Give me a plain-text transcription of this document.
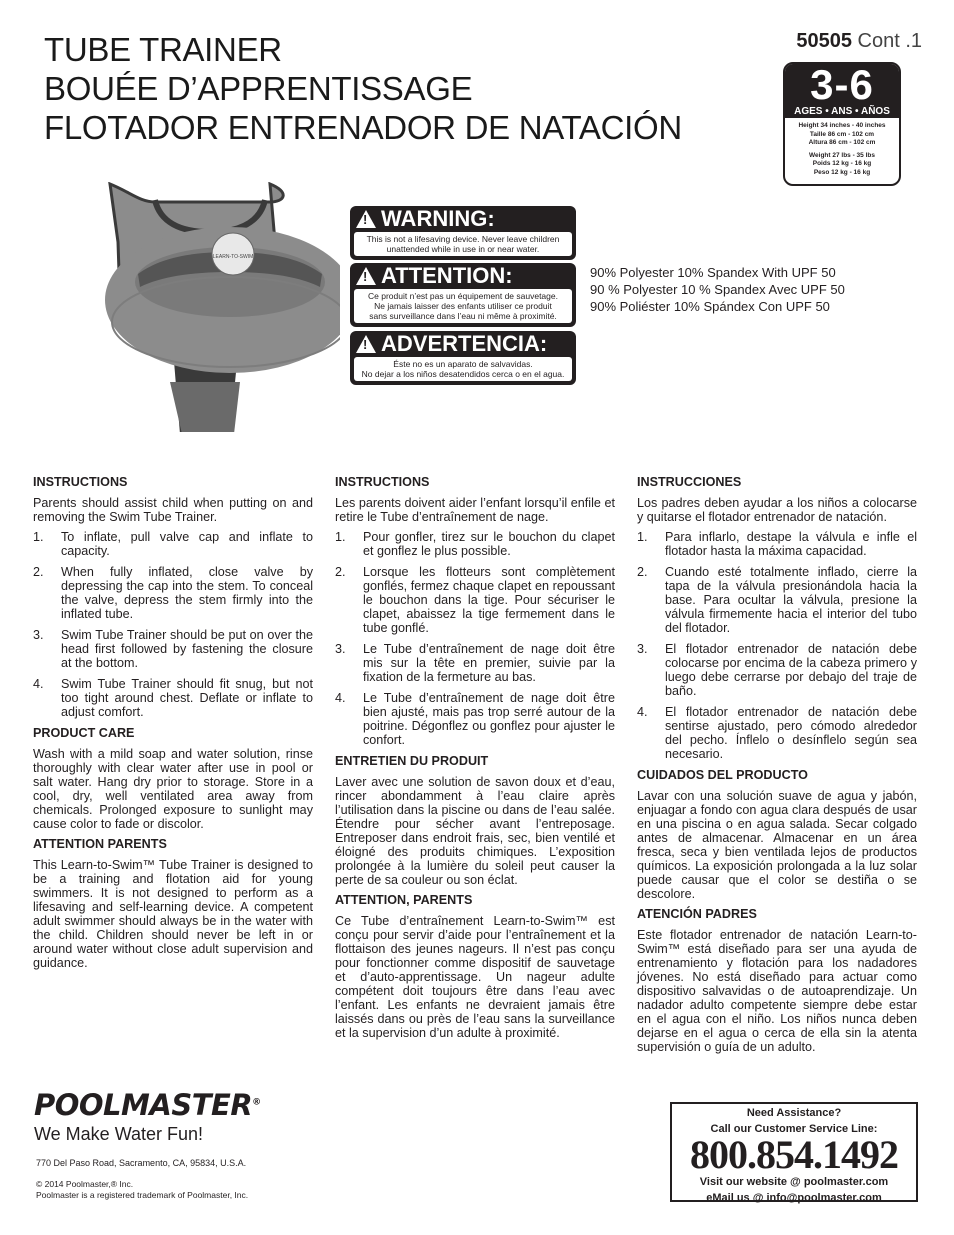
TUBE TRAINER
BOUÉE D’APPRENTISSAGE
FLOTADOR ENTRENADOR DE NATACIÓN
50505 Cont .1
3-6
AGES • ANS • AÑOS
Height 34 inches - 40 inches
Taille 86 cm - 102 cm
Altura 86 cm - 102 cm
Weight 27 lbs - 35 lbs
Poids 12 kg - 16 kg
Peso 12 kg - 16 kg
LEARN-TO-SWIM
!
WARNING:
This is not a lifesaving device. Never leave children
unattended while in use in or near water.
!
ATTENTION:
Ce produit n’est pas un équipement de sauvetage.
Ne jamais laisser des enfants utiliser ce produit
sans surveillance dans l’eau ni même à proximité.
!
ADVERTENCIA:
Éste no es un aparato de salvavidas.
No dejar a los niños desatendidos cerca o en el agua.
90% Polyester 10% Spandex With UPF 50
90 % Polyester 10 % Spandex Avec UPF 50
90% Poliéster 10% Spándex Con UPF 50
INSTRUCTIONS

Parents should assist child when putting on and removing the Swim Tube Trainer.

1.	To inflate, pull valve cap and inflate to capacity.
2.	When fully inflated, close valve by depressing the cap into the stem. To conceal the valve, depress the stem firmly into the inflated tube.
3.	Swim Tube Trainer should be put on over the head first followed by fastening the closure at the bottom.
4.	Swim Tube Trainer should fit snug, but not too tight around chest. Deflate or inflate to adjust comfort.
PRODUCT CARE

Wash with a mild soap and water solution, rinse thoroughly with clear water after use in pool or salt water. Hang dry prior to storage. Store in a cool, dry, well ventilated area away from chemicals. Prolonged exposure to sunlight may cause color to fade or discolor.

ATTENTION PARENTS

This Learn-to-Swim™ Tube Trainer is designed to be a training and flotation aid for young swimmers. It is not designed to perform as a lifesaving and self-learning device. A competent adult swimmer should always be in the water with the child. Children should never be left in or around water without close adult supervision and guidance.

INSTRUCTIONS

Les parents doivent aider l’enfant lorsqu’il enfile et retire le Tube d’entraînement de nage.

1.	Pour gonfler, tirez sur le bouchon du clapet et gonflez le plus possible.
2.	Lorsque les flotteurs sont complètement gonflés, fermez chaque clapet en repoussant le bouchon dans la tige. Pour sécuriser le clapet, abaissez la tige fermement dans le tube gonflé.
3.	Le Tube d’entraînement de nage doit être mis sur la tête en premier, suivie par la fixation de la fermeture au bas.
4.	Le Tube d’entraînement de nage doit être bien ajusté, mais pas trop serré autour de la poitrine. Dégonflez ou gonflez pour ajuster le confort.
ENTRETIEN DU PRODUIT

Laver avec une solution de savon doux et d’eau, rincer abondamment à l’eau claire après l’utilisation dans la piscine ou dans de l’eau salée. Étendre pour sécher avant l’entreposage. Entreposer dans endroit frais, sec, bien ventilé et éloigné des produits chimiques. L’exposition prolongée à la lumière du soleil peut causer la perte de sa couleur ou son éclat.

ATTENTION, PARENTS

Ce Tube d’entraînement Learn-to-Swim™ est conçu pour servir d’aide pour l’entraînement et la flottaison des jeunes nageurs. Il n’est pas conçu pour fonctionner comme dispositif de sauvetage et d’auto-apprentissage. Un nageur adulte compétent doit toujours être dans l’eau avec l’enfant. Les enfants ne devraient jamais être laissés dans ou près de l’eau sans la surveillance et la supervision d’un adulte à proximité.

INSTRUCCIONES

Los padres deben ayudar a los niños a colocarse y quitarse el flotador entrenador de natación.

1.	Para inflarlo, destape la válvula e infle el flotador hasta la máxima capacidad.
2.	Cuando esté totalmente inflado, cierre la tapa de la válvula presionándola hacia la base. Para ocultar la válvula, presione la válvula firmemente hacia el interior del tubo del flotador.
3.	El flotador entrenador de natación debe colocarse por encima de la cabeza primero y luego debe cerrarse por debajo del traje de baño.
4.	El flotador entrenador de natación debe sentirse ajustado, pero cómodo alrededor del pecho. Ínflelo o desínflelo según sea necesario.
CUIDADOS DEL PRODUCTO

Lavar con una solución suave de agua y jabón, enjuagar a fondo con agua clara después de usar en una piscina o en agua salada. Secar colgado antes de almacenar. Almacenar en un área fresca, seca y bien ventilada lejos de productos químicos. La exposición prolongada a la luz solar puede causar que el color se destiña o se descolore.

ATENCIÓN PADRES

Este flotador entrenador de natación Learn-to-Swim™ está diseñado para ser una ayuda de entrenamiento y flotación para los nadadores jóvenes. No está diseñado para actuar como dispositivo salvavidas o de autoaprendizaje. Un nadador adulto competente siempre debe estar en el agua con el niño. Los niños nunca deben dejarse en el agua o cerca de ella sin la atenta supervisión o guía de un adulto.

POOLMASTER®
We Make Water Fun!
770 Del Paso Road, Sacramento, CA, 95834, U.S.A.
© 2014 Poolmaster,® Inc.
Poolmaster is a registered trademark of Poolmaster, Inc.
Need Assistance?
Call our Customer Service Line:
800.854.1492
Visit our website @ poolmaster.com
eMail us @ info@poolmaster.com
